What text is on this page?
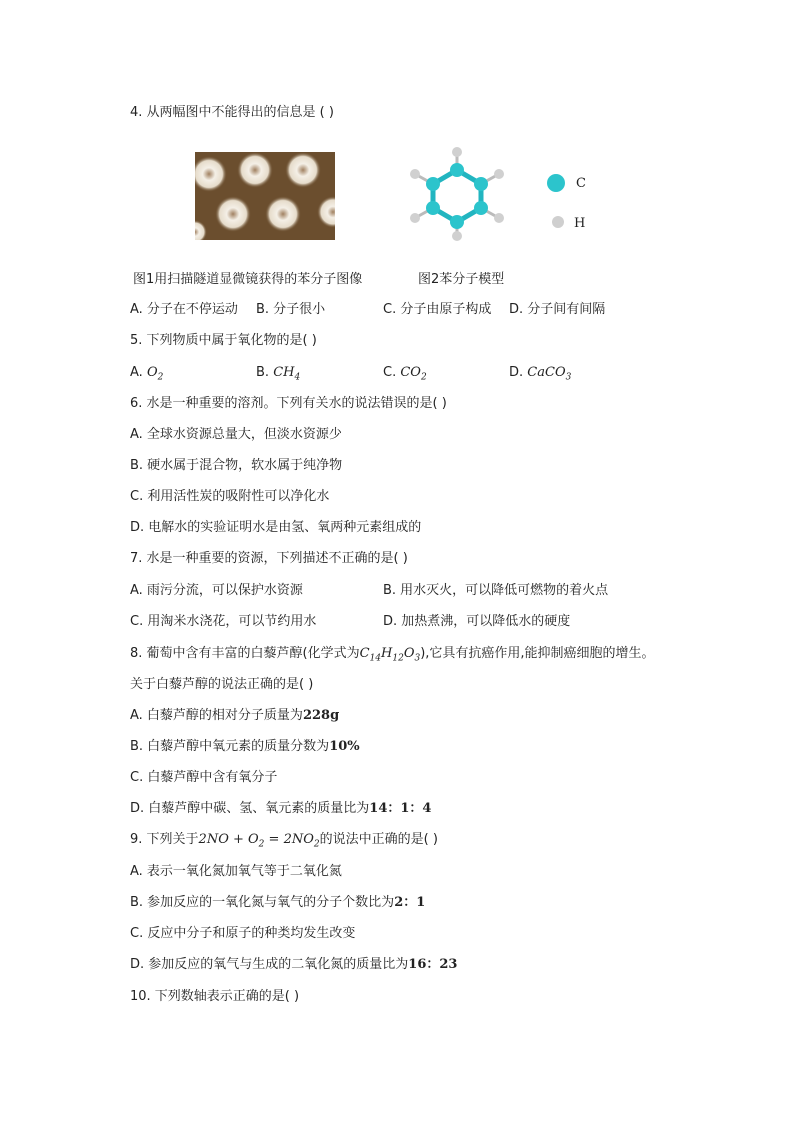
4. 从两幅图中不能得出的信息是 ( )
C
H
图1用扫描隧道显微镜获得的苯分子图像	图2苯分子模型
A. 分子在不停运动 B. 分子很小	C. 分子由原子构成 D. 分子间有间隔
5. 下列物质中属于氧化物的是( )
A. $O_2$	B. $CH_4$	C. $CO_2$	D. CaCO$_3$
6. 水是一种重要的溶剂。下列有关水的说法错误的是( )
A. 全球水资源总量大，但淡水资源少
B. 硬水属于混合物，软水属于纯净物
C. 利用活性炭的吸附性可以净化水
D. 电解水的实验证明水是由氢、氧两种元素组成的
7. 水是一种重要的资源，下列描述不正确的是( )
A. 雨污分流，可以保护水资源	B. 用水灭火，可以降低可燃物的着火点
C. 用淘米水浇花，可以节约用水	D. 加热煮沸，可以降低水的硬度
8. 葡萄中含有丰富的白藜芦醇(化学式为$C_{14}H_{12}O_3$),它具有抗癌作用,能抑制癌细胞的增生。
关于白藜芦醇的说法正确的是( )
A. 白藜芦醇的相对分子质量为228g
B. 白藜芦醇中氧元素的质量分数为10%
C. 白藜芦醇中含有氧分子
D. 白藜芦醇中碳、氢、氧元素的质量比为14：1：4
9. 下列关于$2NO + O_2 = 2NO_2$的说法中正确的是( )
A. 表示一氧化氮加氧气等于二氧化氮
B. 参加反应的一氧化氮与氧气的分子个数比为2：1
C. 反应中分子和原子的种类均发生改变
D. 参加反应的氧气与生成的二氧化氮的质量比为16：23
10. 下列数轴表示正确的是( )
